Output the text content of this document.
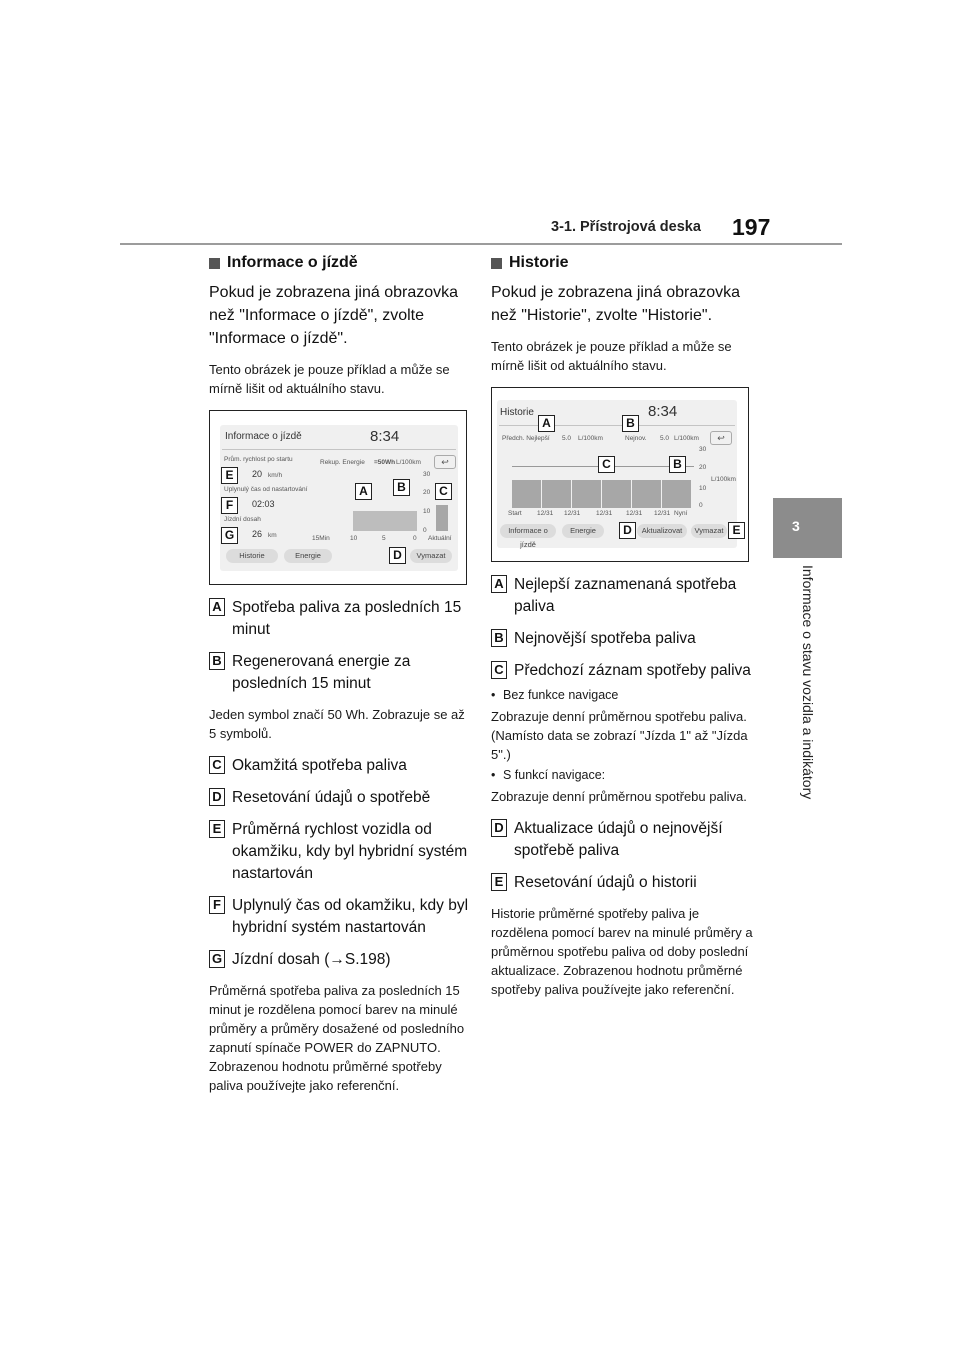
3-1. Přístrojová deska 197
3
Informace o stavu vozidla a indikátory
Informace o jízdě
Pokud je zobrazena jiná obrazovka než "Informace o jízdě", zvolte "Informace o jízdě".
Tento obrázek je pouze příklad a může se mírně lišit od aktuálního stavu.
Informace o jízdě	8:34
Prům. rychlost po startu
20 km/h
Uplynulý čas od nastartování
02:03
Jízdní dosah
26 km
Rekup. Energie =50Wh L/100km	↩
30
20
10
0
15Min	10	5	0 Aktuální
Historie	Energie	Vymazat
E
F
G
A	B	C
D
A Spotřeba paliva za posledních 15 minut
B Regenerovaná energie za posledních 15 minut
Jeden symbol značí 50 Wh. Zobrazuje se až 5 symbolů.
C Okamžitá spotřeba paliva
D Resetování údajů o spotřebě
E Průměrná rychlost vozidla od okamžiku, kdy byl hybridní systém nastartován
F Uplynulý čas od okamžiku, kdy byl hybridní systém nastartován
G Jízdní dosah (→S.198)
Průměrná spotřeba paliva za posledních 15 minut je rozdělena pomocí barev na minulé průměry a průměry dosažené od posledního zapnutí spínače POWER do ZAPNUTO. Zobrazenou hodnotu průměrné spotřeby paliva používejte jako referenční.
Historie
Pokud je zobrazena jiná obrazovka než "Historie", zvolte "Historie".
Tento obrázek je pouze příklad a může se mírně lišit od aktuálního stavu.
Historie	8:34
Předch. Nejlepší 5.0 L/100km	Nejnov. 5.0 L/100km	↩
30
20
10
0
L/100km
Start 12/31 12/31 12/31 12/31 12/31 Nyní
Informace o jízdě
Energie	Aktualizovat	Vymazat
A	B
C	B
D	E
A Nejlepší zaznamenaná spotřeba paliva
B Nejnovější spotřeba paliva
C Předchozí záznam spotřeby paliva
• Bez funkce navigace
Zobrazuje denní průměrnou spotřebu paliva. (Namísto data se zobrazí "Jízda 1" až "Jízda 5".)
• S funkcí navigace:
Zobrazuje denní průměrnou spotřebu paliva.
D Aktualizace údajů o nejnovější spotřebě paliva
E Resetování údajů o historii
Historie průměrné spotřeby paliva je rozdělena pomocí barev na minulé průměry a průměrnou spotřebu paliva od doby poslední aktualizace. Zobrazenou hodnotu průměrné spotřeby paliva používejte jako referenční.
